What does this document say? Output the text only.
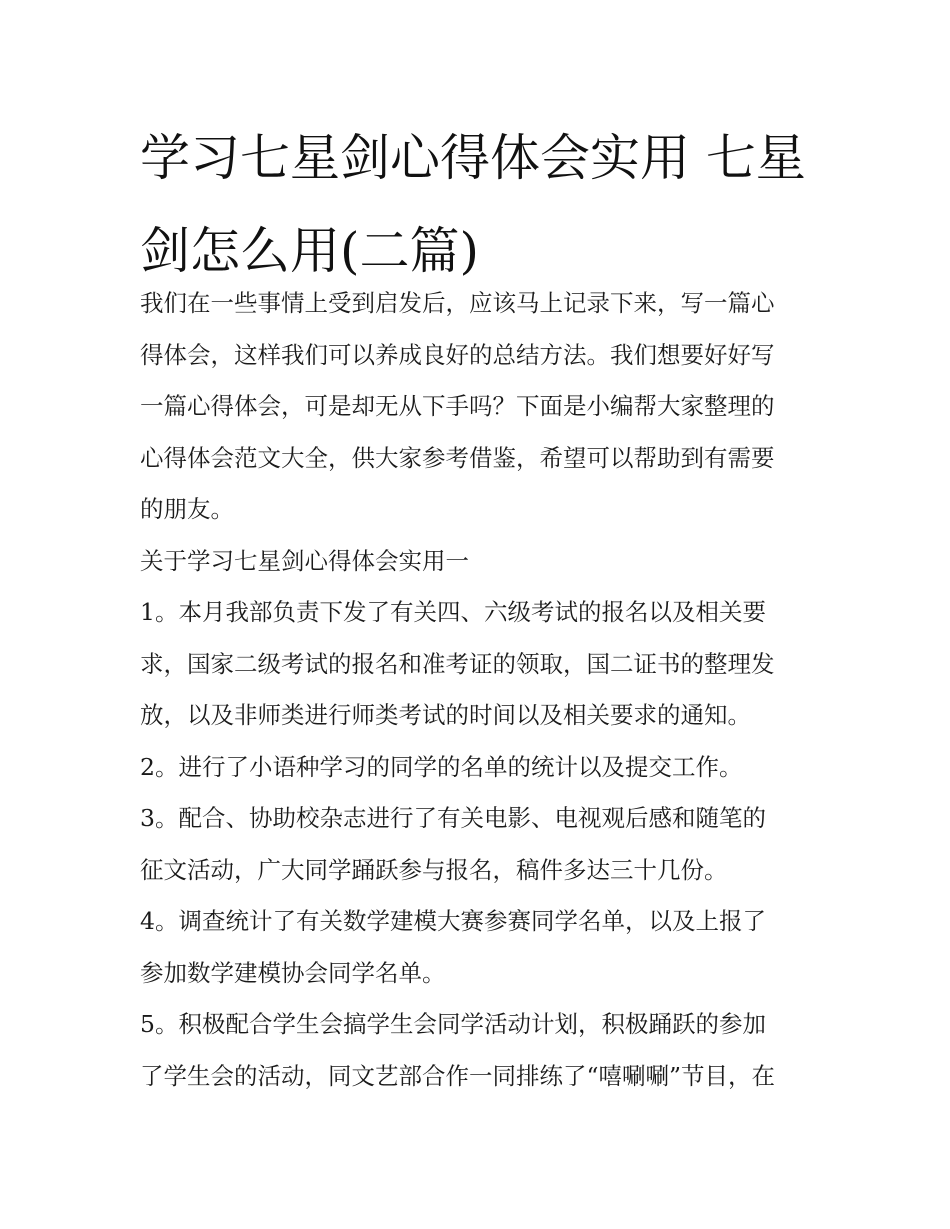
学习七星剑心得体会实用 七星
剑怎么用(二篇)

我们在一些事情上受到启发后，应该马上记录下来，写一篇心

得体会，这样我们可以养成良好的总结方法。我们想要好好写

一篇心得体会，可是却无从下手吗？下面是小编帮大家整理的

心得体会范文大全，供大家参考借鉴，希望可以帮助到有需要

的朋友。

关于学习七星剑心得体会实用一

1。本月我部负责下发了有关四、六级考试的报名以及相关要

求，国家二级考试的报名和准考证的领取，国二证书的整理发

放，以及非师类进行师类考试的时间以及相关要求的通知。

2。进行了小语种学习的同学的名单的统计以及提交工作。

3。配合、协助校杂志进行了有关电影、电视观后感和随笔的

征文活动，广大同学踊跃参与报名，稿件多达三十几份。

4。调查统计了有关数学建模大赛参赛同学名单，以及上报了

参加数学建模协会同学名单。

5。积极配合学生会搞学生会同学活动计划，积极踊跃的参加

了学生会的活动，同文艺部合作一同排练了“嘻唰唰”节目，在
